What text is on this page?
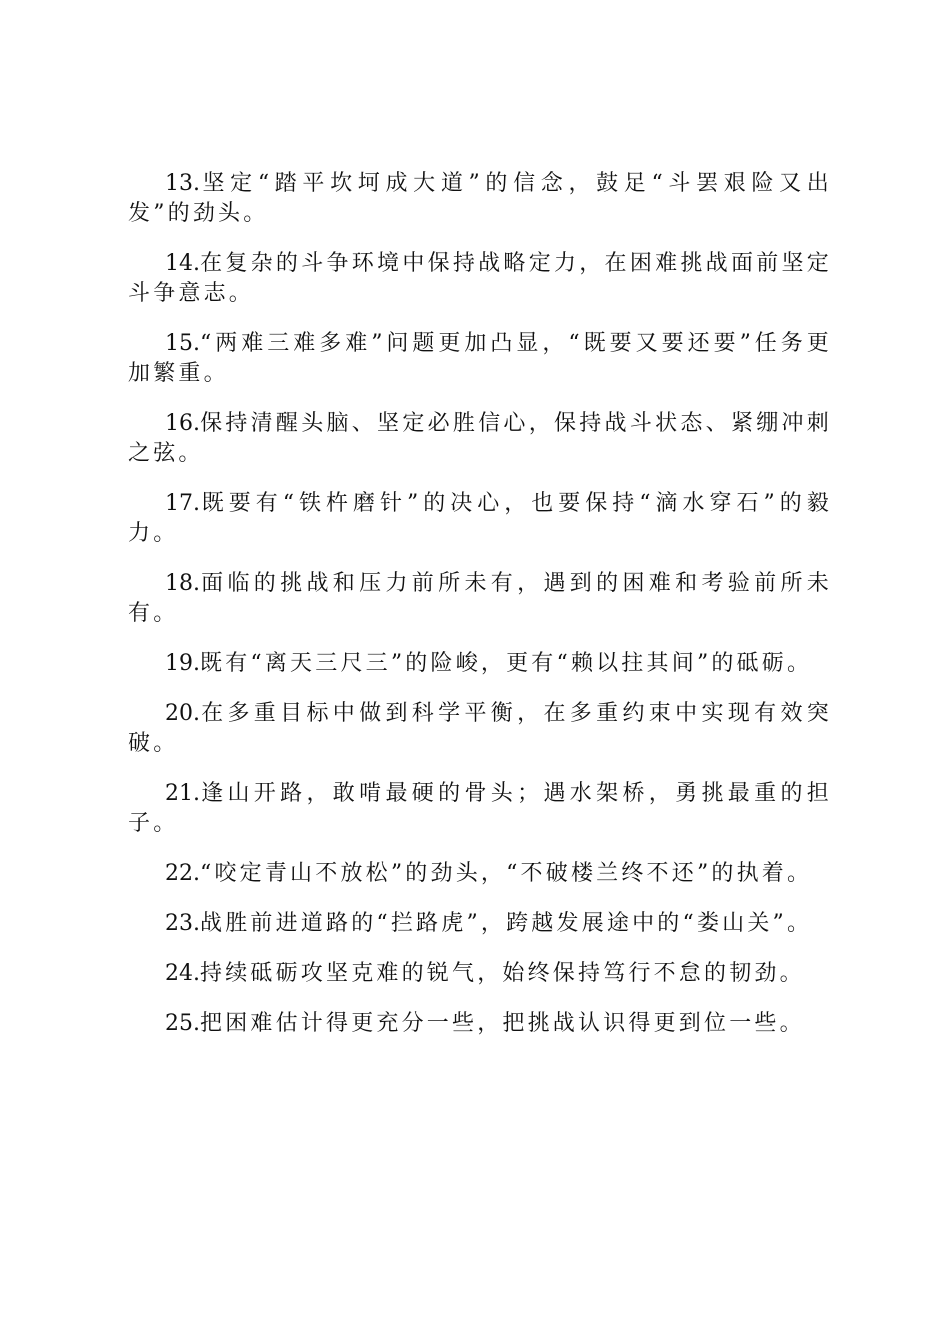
13.坚定“踏平坎坷成大道”的信念，鼓足“斗罢艰险又出发”的劲头。

14.在复杂的斗争环境中保持战略定力，在困难挑战面前坚定斗争意志。

15.“两难三难多难”问题更加凸显，“既要又要还要”任务更加繁重。

16.保持清醒头脑、坚定必胜信心，保持战斗状态、紧绷冲刺之弦。

17.既要有“铁杵磨针”的决心，也要保持“滴水穿石”的毅力。

18.面临的挑战和压力前所未有，遇到的困难和考验前所未有。

19.既有“离天三尺三”的险峻，更有“赖以拄其间”的砥砺。

20.在多重目标中做到科学平衡，在多重约束中实现有效突破。

21.逢山开路，敢啃最硬的骨头；遇水架桥，勇挑最重的担子。

22.“咬定青山不放松”的劲头，“不破楼兰终不还”的执着。

23.战胜前进道路的“拦路虎”，跨越发展途中的“娄山关”。

24.持续砥砺攻坚克难的锐气，始终保持笃行不怠的韧劲。

25.把困难估计得更充分一些，把挑战认识得更到位一些。
